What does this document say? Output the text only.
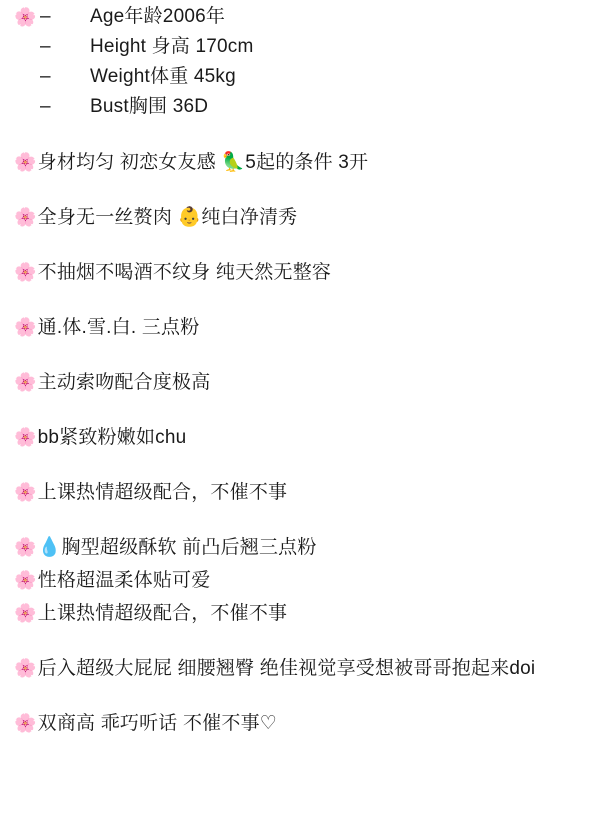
🌸 –	Age年龄2006年
–	Height 身高 170cm
–	Weight体重 45kg
–	Bust胸围 36D
🌸 身材均匀 初恋女友感 🦜5起的条件 3开
🌸 全身无一丝赘肉 👶纯白净清秀
🌸 不抽烟不喝酒不纹身 纯天然无整容
🌸 通.体.雪.白. 三点粉
🌸 主动索吻配合度极高
🌸 bb紧致粉嫩如chu
🌸 上课热情超级配合，不催不事
🌸 💧胸型超级酥软 前凸后翘三点粉
🌸 性格超温柔体贴可爱
🌸 上课热情超级配合，不催不事
🌸 后入超级大屁屁 细腰翘臀 绝佳视觉享受想被哥哥抱起来doi
🌸 双商高 乖巧听话 不催不事♡
